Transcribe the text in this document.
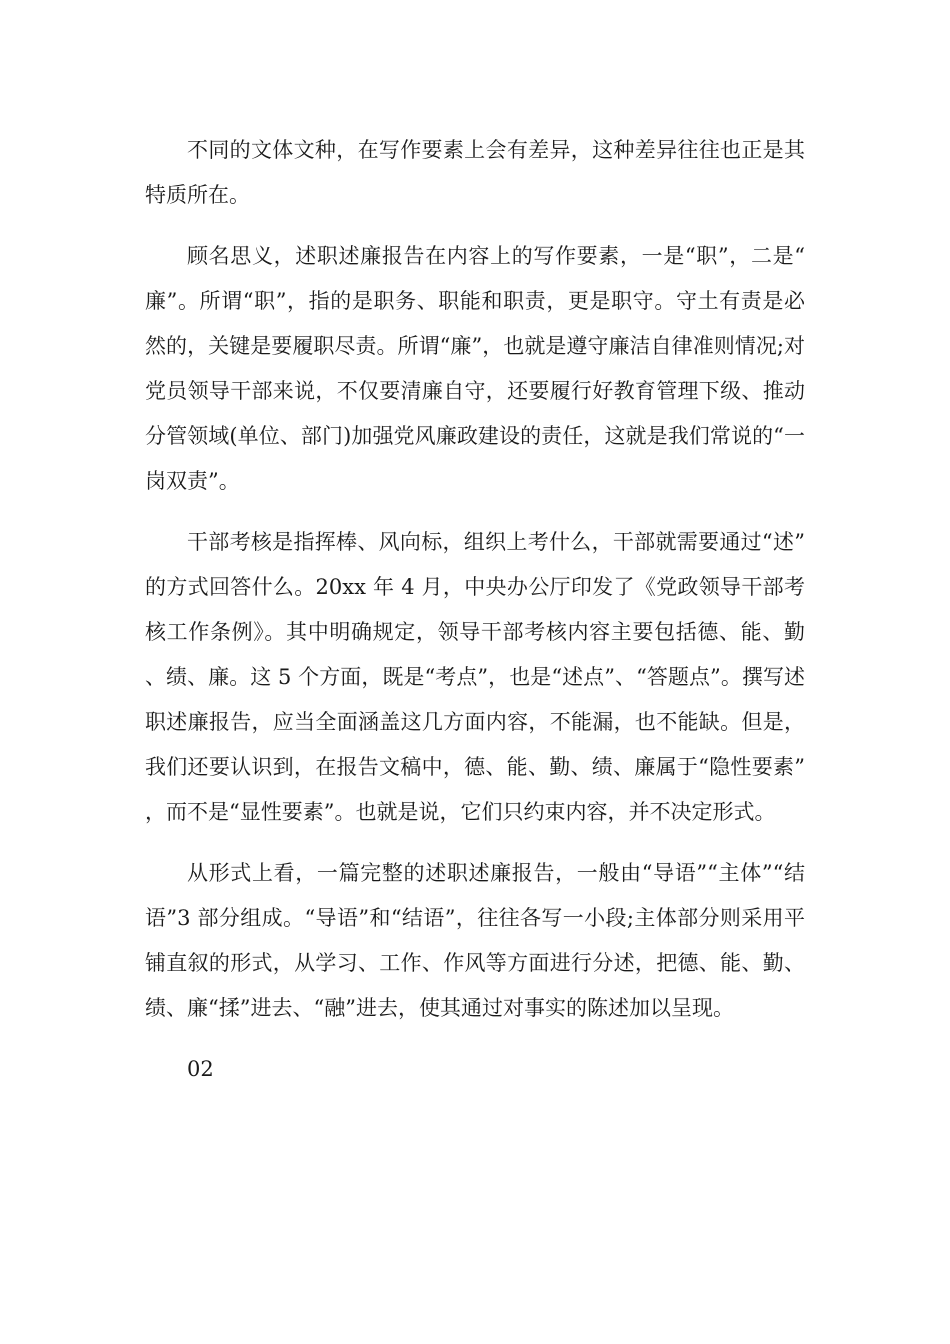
不同的文体文种，在写作要素上会有差异，这种差异往往也正是其特质所在。

顾名思义，述职述廉报告在内容上的写作要素，一是“职”，二是“廉”。所谓“职”，指的是职务、职能和职责，更是职守。守土有责是必然的，关键是要履职尽责。所谓“廉”，也就是遵守廉洁自律准则情况;对党员领导干部来说，不仅要清廉自守，还要履行好教育管理下级、推动分管领域(单位、部门)加强党风廉政建设的责任，这就是我们常说的“一岗双责”。

干部考核是指挥棒、风向标，组织上考什么，干部就需要通过“述”的方式回答什么。20xx 年 4 月，中央办公厅印发了《党政领导干部考核工作条例》。其中明确规定，领导干部考核内容主要包括德、能、勤、绩、廉。这 5 个方面，既是“考点”，也是“述点”、“答题点”。撰写述职述廉报告，应当全面涵盖这几方面内容，不能漏，也不能缺。但是，我们还要认识到，在报告文稿中，德、能、勤、绩、廉属于“隐性要素”，而不是“显性要素”。也就是说，它们只约束内容，并不决定形式。

从形式上看，一篇完整的述职述廉报告，一般由“导语”“主体”“结语”3 部分组成。“导语”和“结语”，往往各写一小段;主体部分则采用平铺直叙的形式，从学习、工作、作风等方面进行分述，把德、能、勤、绩、廉“揉”进去、“融”进去，使其通过对事实的陈述加以呈现。

02
